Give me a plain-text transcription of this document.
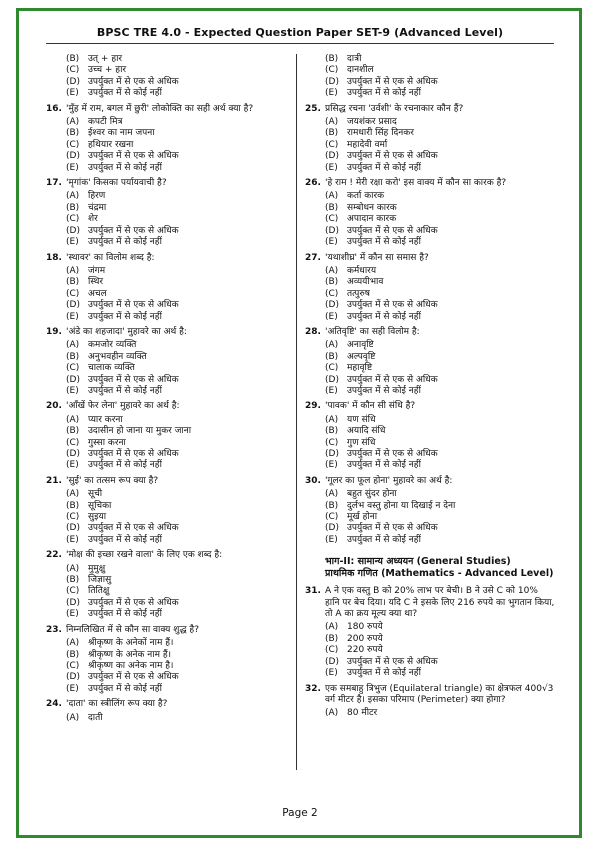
BPSC TRE 4.0 - Expected Question Paper SET-9 (Advanced Level)
(B) उत् + हार
(C) उच्च + हार
(D) उपर्युक्त में से एक से अधिक
(E)	उपर्युक्त में से कोई नहीं
16. 'मुँह में राम, बगल में छुरी' लोकोक्ति का सही अर्थ क्या है?
(A) कपटी मित्र
(B) ईश्वर का नाम जपना
(C) हथियार रखना
(D) उपर्युक्त में से एक से अधिक
(E)	उपर्युक्त में से कोई नहीं
17. 'मृगांक' किसका पर्यायवाची है?
(A) हिरण
(B) चंद्रमा
(C) शेर
(D) उपर्युक्त में से एक से अधिक
(E)	उपर्युक्त में से कोई नहीं
18. 'स्थावर' का विलोम शब्द है:
(A) जंगम
(B) स्थिर
(C) अचल
(D) उपर्युक्त में से एक से अधिक
(E)	उपर्युक्त में से कोई नहीं
19. 'अंडे का शहजादा' मुहावरे का अर्थ है:
(A) कमजोर व्यक्ति
(B) अनुभवहीन व्यक्ति
(C) चालाक व्यक्ति
(D) उपर्युक्त में से एक से अधिक
(E)	उपर्युक्त में से कोई नहीं
20. 'आँखें फेर लेना' मुहावरे का अर्थ है:
(A) प्यार करना
(B) उदासीन हो जाना या मुकर जाना
(C) गुस्सा करना
(D) उपर्युक्त में से एक से अधिक
(E)	उपर्युक्त में से कोई नहीं
21. 'सुई' का तत्सम रूप क्या है?
(A) सूची
(B) सूचिका
(C) सुइया
(D) उपर्युक्त में से एक से अधिक
(E)	उपर्युक्त में से कोई नहीं
22. 'मोक्ष की इच्छा रखने वाला' के लिए एक शब्द है:
(A) मुमुक्षु
(B) जिज्ञासु
(C) तितिक्षु
(D) उपर्युक्त में से एक से अधिक
(E)	उपर्युक्त में से कोई नहीं
23. निम्नलिखित में से कौन सा वाक्य शुद्ध है?
(A) श्रीकृष्ण के अनेकों नाम हैं।
(B) श्रीकृष्ण के अनेक नाम हैं।
(C) श्रीकृष्ण का अनेक नाम है।
(D) उपर्युक्त में से एक से अधिक
(E)	उपर्युक्त में से कोई नहीं
24. 'दाता' का स्त्रीलिंग रूप क्या है?
(A) दाती
(B) दात्री
(C) दानशील
(D) उपर्युक्त में से एक से अधिक
(E)	उपर्युक्त में से कोई नहीं
25. प्रसिद्ध रचना 'उर्वशी' के रचनाकार कौन हैं?
(A) जयशंकर प्रसाद
(B) रामधारी सिंह दिनकर
(C) महादेवी वर्मा
(D) उपर्युक्त में से एक से अधिक
(E)	उपर्युक्त में से कोई नहीं
26. 'हे राम ! मेरी रक्षा करो' इस वाक्य में कौन सा कारक है?
(A) कर्ता कारक
(B) सम्बोधन कारक
(C) अपादान कारक
(D) उपर्युक्त में से एक से अधिक
(E)	उपर्युक्त में से कोई नहीं
27. 'यथाशीघ्र' में कौन सा समास है?
(A) कर्मधारय
(B) अव्ययीभाव
(C) तत्पुरुष
(D) उपर्युक्त में से एक से अधिक
(E)	उपर्युक्त में से कोई नहीं
28. 'अतिवृष्टि' का सही विलोम है:
(A) अनावृष्टि
(B) अल्पवृष्टि
(C) महावृष्टि
(D) उपर्युक्त में से एक से अधिक
(E)	उपर्युक्त में से कोई नहीं
29. 'पावक' में कौन सी संधि है?
(A) यण संधि
(B) अयादि संधि
(C) गुण संधि
(D) उपर्युक्त में से एक से अधिक
(E)	उपर्युक्त में से कोई नहीं
30. 'गूलर का फूल होना' मुहावरे का अर्थ है:
(A) बहुत सुंदर होना
(B) दुर्लभ वस्तु होना या दिखाई न देना
(C) मूर्ख होना
(D) उपर्युक्त में से एक से अधिक
(E)	उपर्युक्त में से कोई नहीं
भाग-II: सामान्य अध्ययन (General Studies)
प्राथमिक गणित (Mathematics - Advanced Level)
31. A ने एक वस्तु B को 20% लाभ पर बेची। B ने उसे C को 10% हानि पर बेच दिया। यदि C ने इसके लिए 216 रुपये का भुगतान किया, तो A का क्रय मूल्य क्या था?
(A) 180 रुपये
(B) 200 रुपये
(C) 220 रुपये
(D) उपर्युक्त में से एक से अधिक
(E)	उपर्युक्त में से कोई नहीं
32. एक समबाहु त्रिभुज (Equilateral triangle) का क्षेत्रफल 400√3 वर्ग मीटर है। इसका परिमाप (Perimeter) क्या होगा?
(A) 80 मीटर
Page 2
